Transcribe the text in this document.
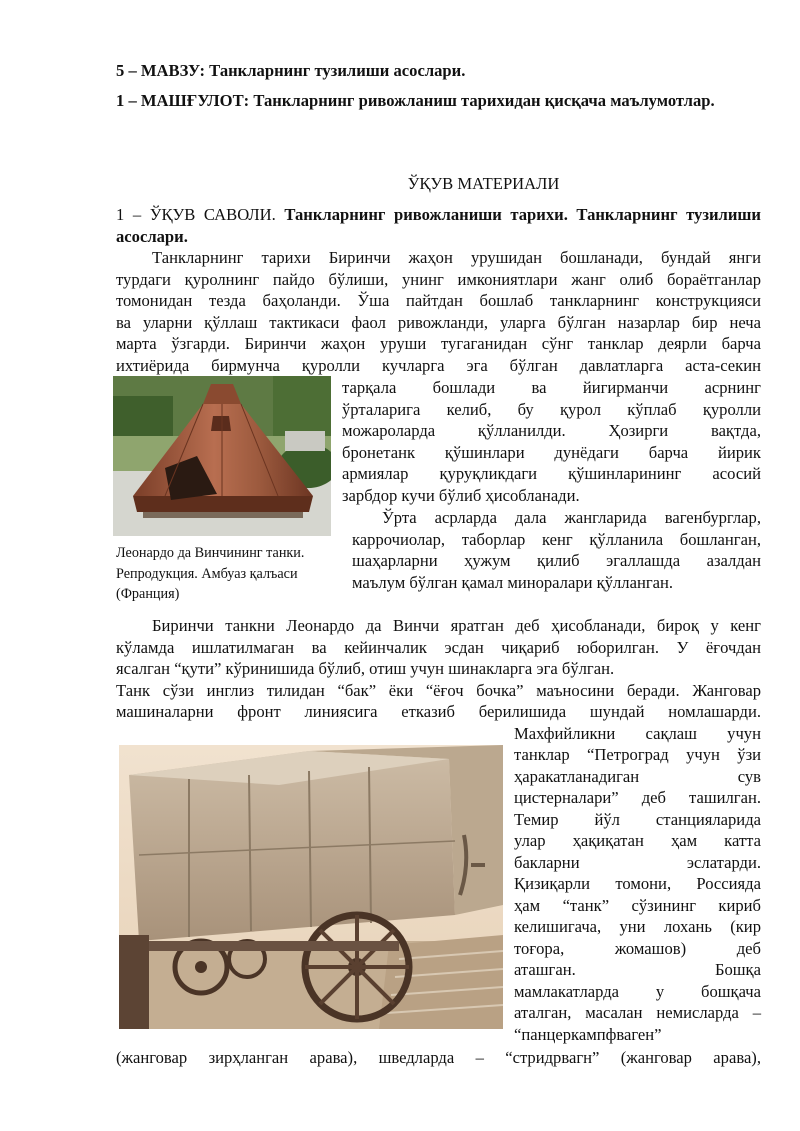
5 – МАВЗУ: Танкларнинг тузилиши асослари.

1 – МАШҒУЛОТ: Танкларнинг ривожланиш тарихидан қисқача маълумотлар.

ЎҚУВ МАТЕРИАЛИ

1 – ЎҚУВ САВОЛИ. Танкларнинг ривожланиши тарихи. Танкларнинг тузилиши асослари.

Танкларнинг тарихи Биринчи жаҳон урушидан бошланади, бундай янги

турдаги қуролнинг пайдо бўлиши, унинг имкониятлари жанг олиб бораётганлар

томонидан тезда баҳоланди. Ўша пайтдан бошлаб танкларнинг конструкцияси

ва уларни қўллаш тактикаси фаол ривожланди, уларга бўлган назарлар бир неча

марта ўзгарди. Биринчи жаҳон уруши тугаганидан сўнг танклар деярли барча

ихтиёрида бирмунча қуролли кучларга эга бўлган давлатларга аста-секин

тарқала бошлади ва йигирманчи асрнинг

ўрталарига келиб, бу қурол кўплаб қуролли

можароларда қўлланилди. Ҳозирги вақтда,

бронетанк қўшинлари дунёдаги барча йирик

армиялар қуруқликдаги қўшинларининг асосий

зарбдор кучи бўлиб ҳисобланади.

Ўрта асрларда дала жангларида вагенбурглар,

каррочиолар, таборлар кенг қўлланила бошланган,

шаҳарларни ҳужум қилиб эгаллашда азалдан

маълум бўлган қамал миноралари қўлланган.

Леонардо да Винчининг танки. Репродукция. Амбуаз қалъаси (Франция)

Биринчи танкни Леонардо да Винчи яратган деб ҳисобланади, бироқ у кенг

кўламда ишлатилмаган ва кейинчалик эсдан чиқариб юборилган. У ёғочдан

ясалган “қути” кўринишида бўлиб, отиш учун шинакларга эга бўлган.

Танк сўзи инглиз тилидан “бак” ёки “ёғоч бочка” маъносини беради. Жанговар

машиналарни фронт линиясига етказиб берилишида шундай номлашарди.

Махфийликни сақлаш учун

танклар “Петроград учун ўзи

ҳаракатланадиган сув

цистерналари” деб ташилган.

Темир йўл станцияларида

улар ҳақиқатан ҳам катта

бакларни эслатарди.

Қизиқарли томони, Россияда

ҳам “танк” сўзининг кириб

келишигача, уни лохань (кир

тоғора, жомашов) деб

аташган. Бошқа

мамлакатларда у бошқача

аталган, масалан немисларда –

“панцеркампфваген”

(жанговар зирҳланган арава), шведларда – “стридрвагн” (жанговар арава),
